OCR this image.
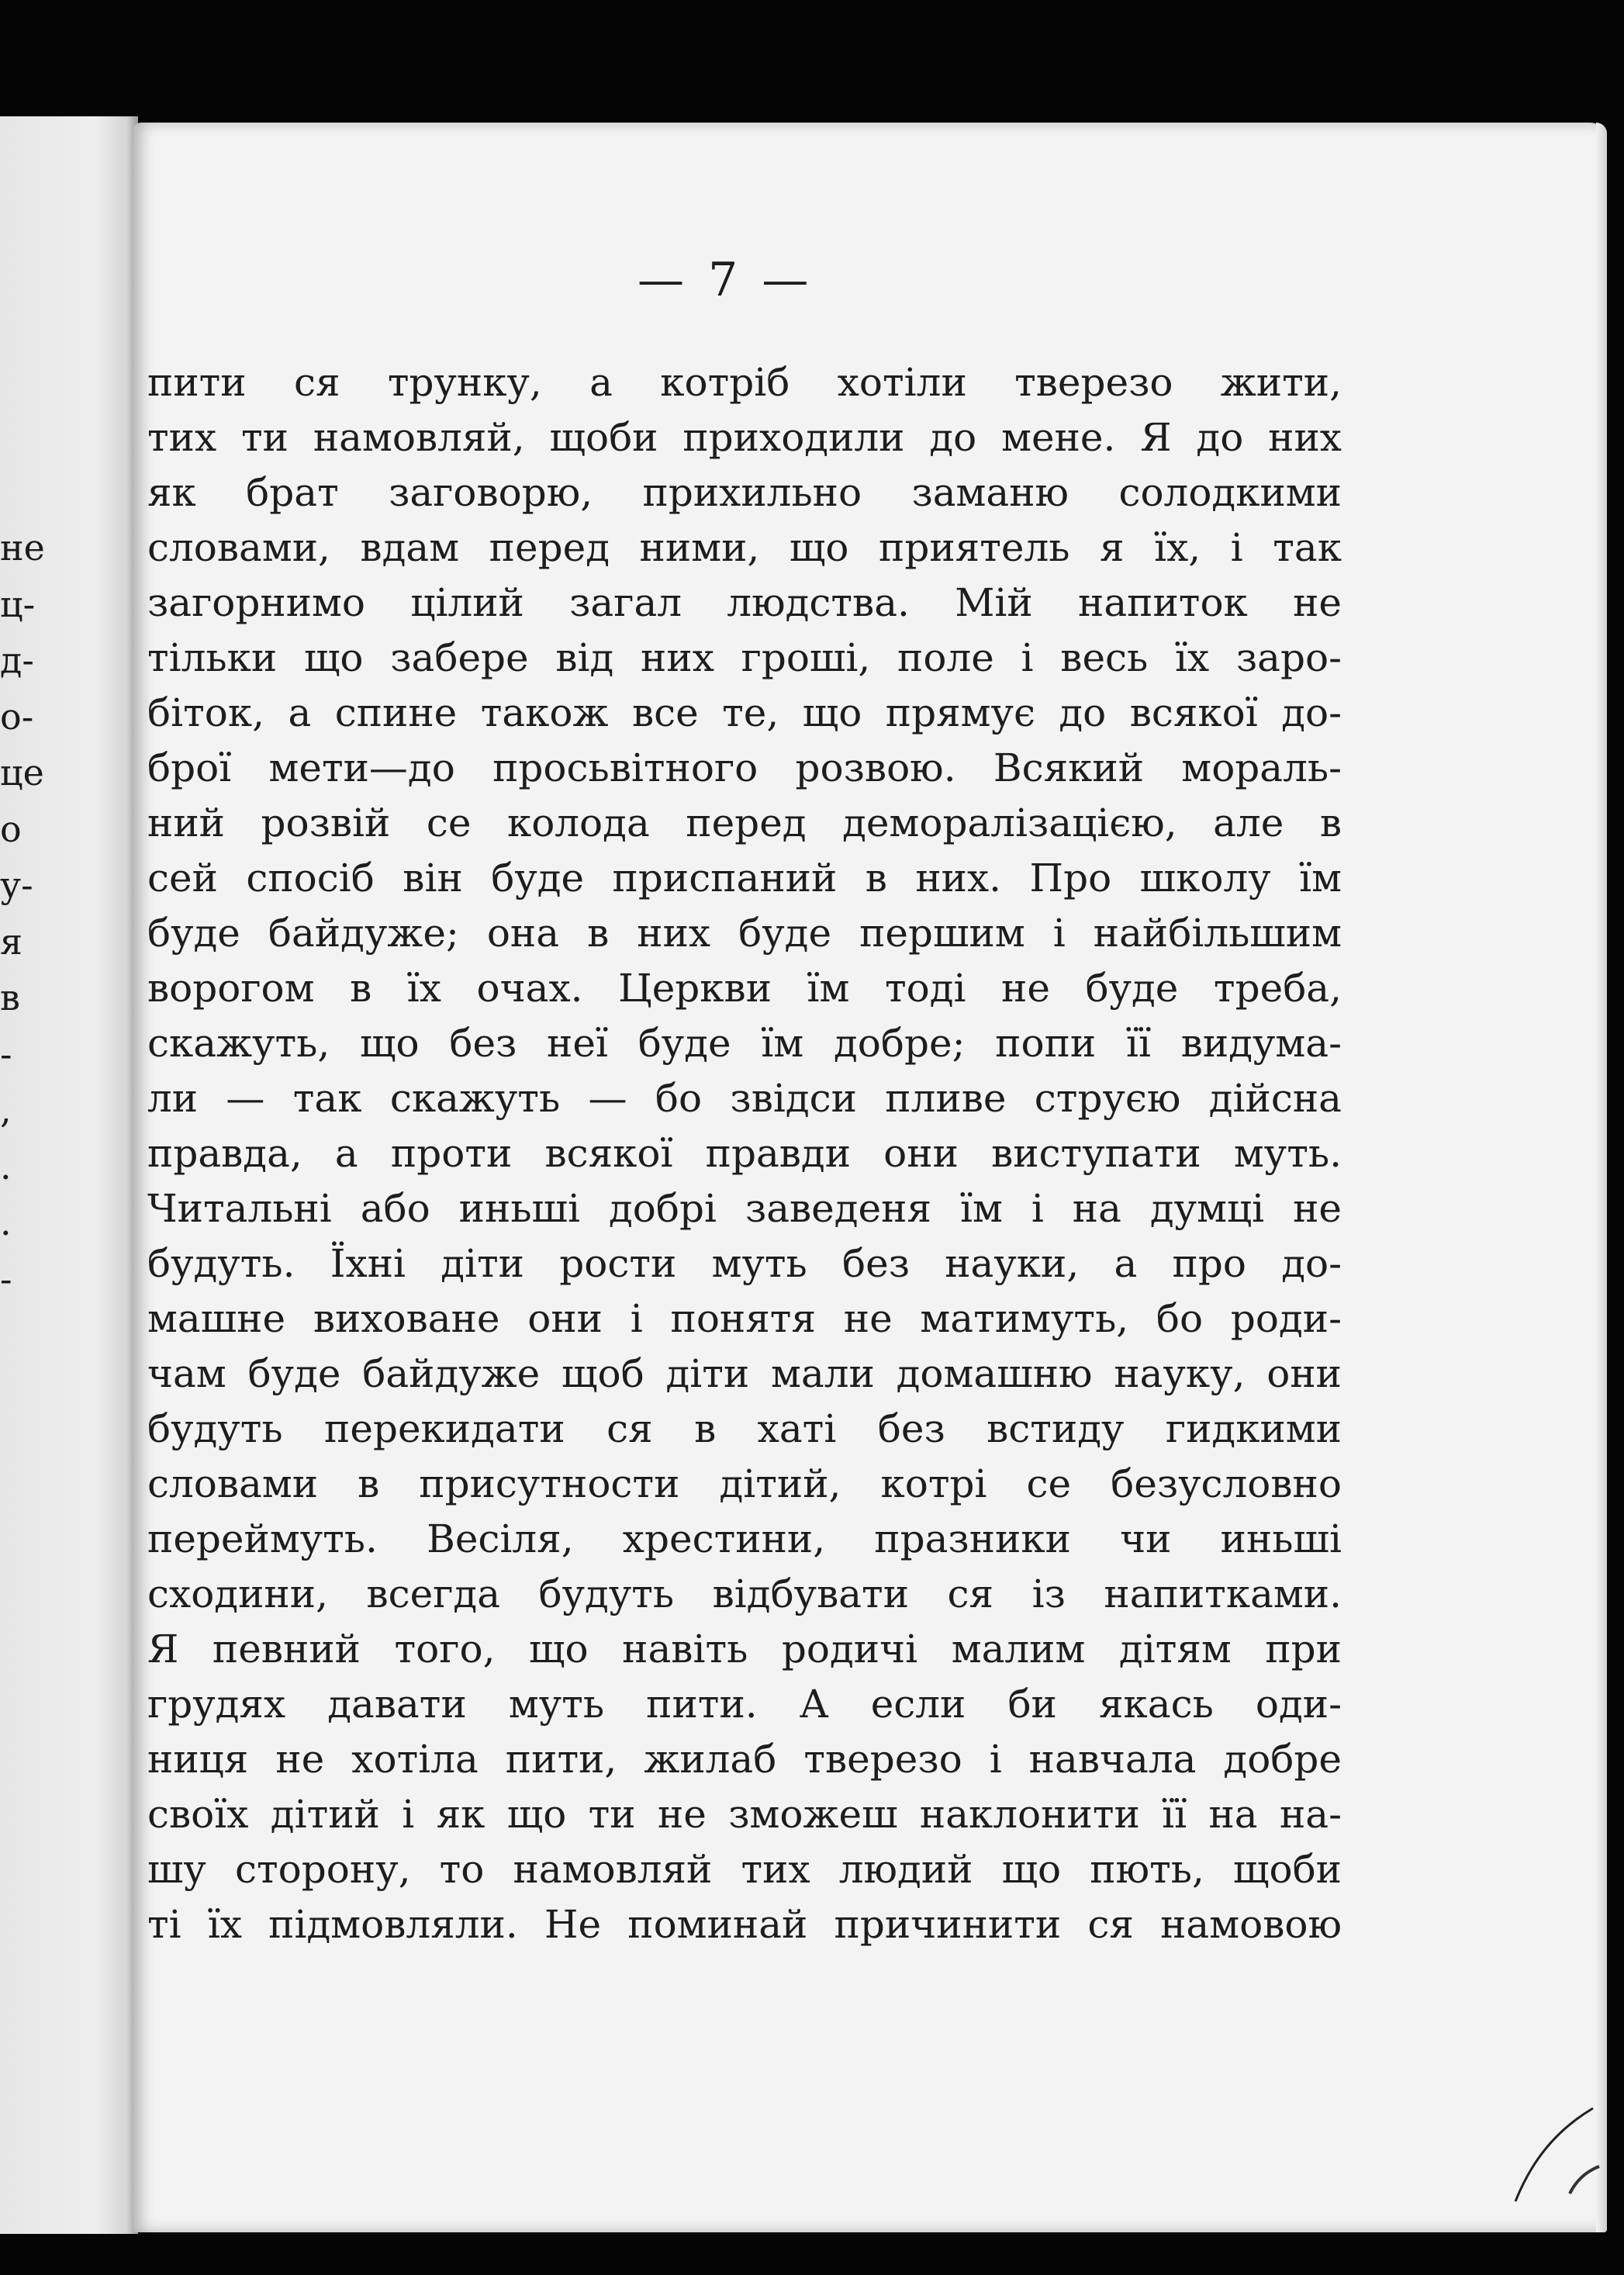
не
ц-
д-
о-
це
о
у-
я
в
-
,
.
.
-
— 7 —
пити ся трунку, а котріб хотіли тверезо жити,
тих ти намовляй, щоби приходили до мене. Я до них
як брат заговорю, прихильно заманю солодкими
словами, вдам перед ними, що приятель я їх, і так
загорнимо цілий загал людства. Мій напиток не
тільки що забере від них гроші, поле і весь їх заро-
біток, а спине також все те, що прямує до всякої до-
брої мети—до просьвітного розвою. Всякий мораль-
ний розвій се колода перед деморалізацією, але в
сей спосіб він буде приспаний в них. Про школу їм
буде байдуже; она в них буде першим і найбільшим
ворогом в їх очах. Церкви їм тоді не буде треба,
скажуть, що без неї буде їм добре; попи її видума-
ли — так скажуть — бо звідси пливе струєю дійсна
правда, а проти всякої правди они виступати муть.
Читальні або иньші добрі заведеня їм і на думці не
будуть. Їхні діти рости муть без науки, а про до-
машне виховане они і понятя не матимуть, бо роди-
чам буде байдуже щоб діти мали домашню науку, они
будуть перекидати ся в хаті без встиду гидкими
словами в присутности дітий, котрі се безусловно
переймуть. Весіля, хрестини, празники чи иньші
сходини, всегда будуть відбувати ся із напитками.
Я певний того, що навіть родичі малим дітям при
грудях давати муть пити. А если би якась оди-
ниця не хотіла пити, жилаб тверезо і навчала добре
своїх дітий і як що ти не зможеш наклонити її на на-
шу сторону, то намовляй тих людий що пють, щоби
ті їх підмовляли. Не поминай причинити ся намовою
